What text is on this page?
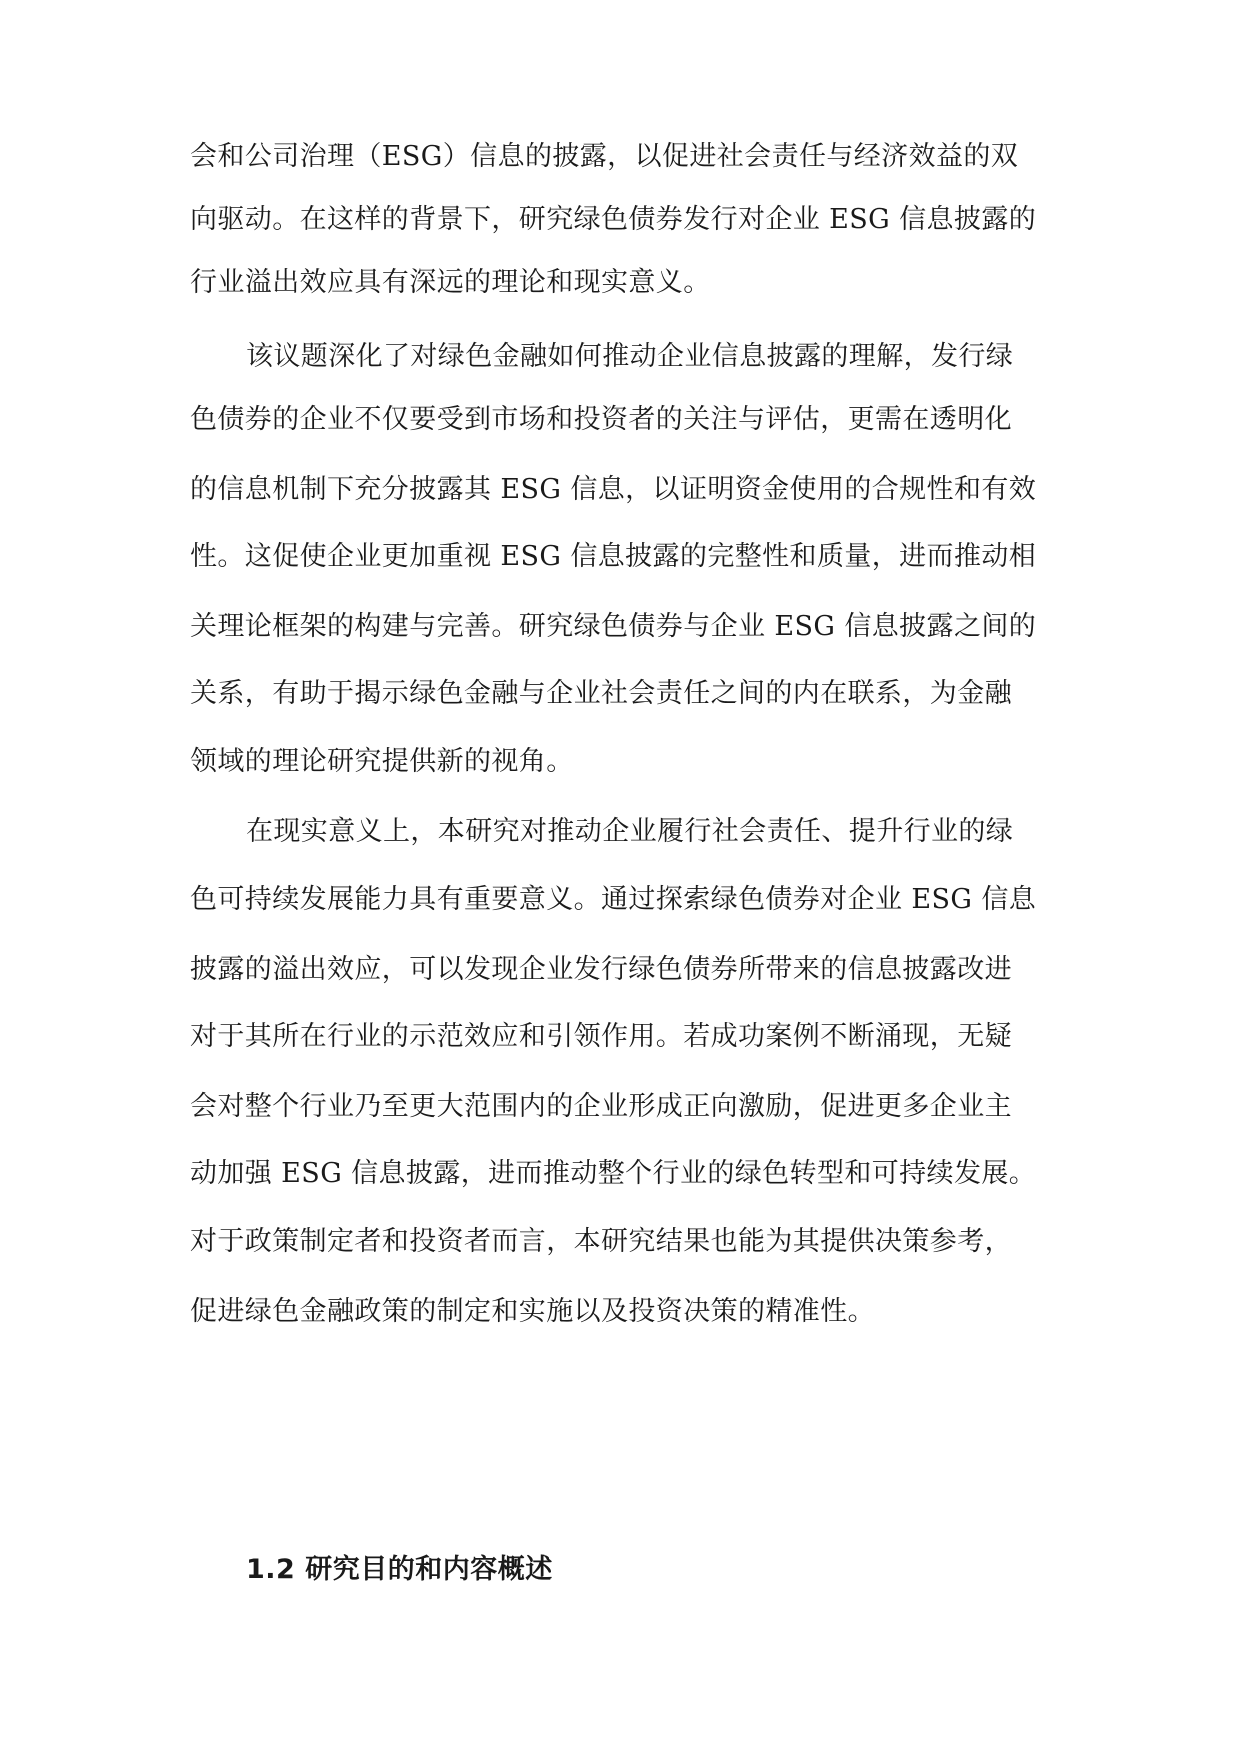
会和公司治理（ESG）信息的披露，以促进社会责任与经济效益的双
向驱动。在这样的背景下，研究绿色债券发行对企业 ESG 信息披露的
行业溢出效应具有深远的理论和现实意义。
该议题深化了对绿色金融如何推动企业信息披露的理解，发行绿
色债券的企业不仅要受到市场和投资者的关注与评估，更需在透明化
的信息机制下充分披露其 ESG 信息，以证明资金使用的合规性和有效
性。这促使企业更加重视 ESG 信息披露的完整性和质量，进而推动相
关理论框架的构建与完善。研究绿色债券与企业 ESG 信息披露之间的
关系，有助于揭示绿色金融与企业社会责任之间的内在联系，为金融
领域的理论研究提供新的视角。
在现实意义上，本研究对推动企业履行社会责任、提升行业的绿
色可持续发展能力具有重要意义。通过探索绿色债券对企业 ESG 信息
披露的溢出效应，可以发现企业发行绿色债券所带来的信息披露改进
对于其所在行业的示范效应和引领作用。若成功案例不断涌现，无疑
会对整个行业乃至更大范围内的企业形成正向激励，促进更多企业主
动加强 ESG 信息披露，进而推动整个行业的绿色转型和可持续发展。
对于政策制定者和投资者而言，本研究结果也能为其提供决策参考，
促进绿色金融政策的制定和实施以及投资决策的精准性。
1.2 研究目的和内容概述
